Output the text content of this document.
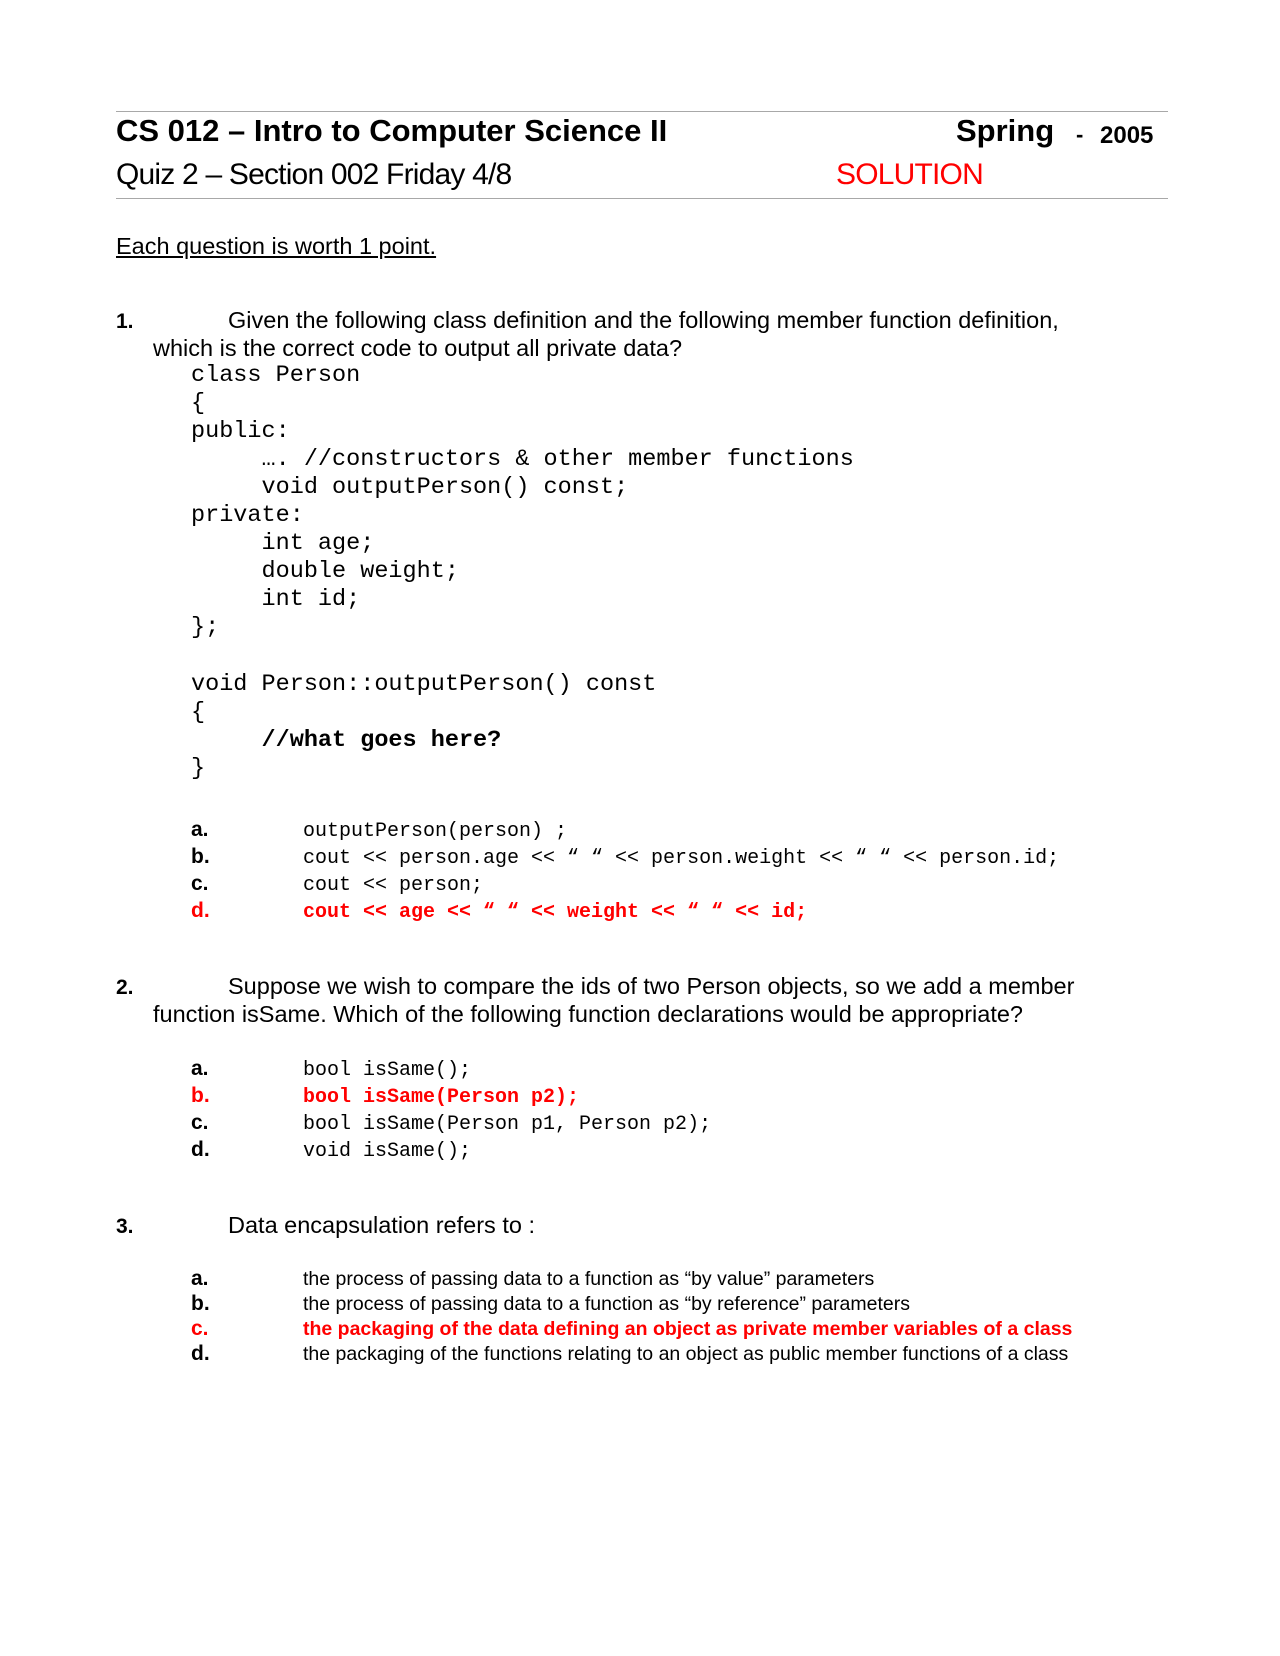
CS 012 – Intro to Computer Science II	Spring - 2005
Quiz 2 – Section 002 Friday 4/8	SOLUTION
Each question is worth 1 point.
1.	Given the following class definition and the following member function definition,
which is the correct code to output all private data?
class Person
{
public:
…. //constructors & other member functions
void outputPerson() const;
private:
int age;
double weight;
int id;
};
void Person::outputPerson() const
{
//what goes here?
}
a.	outputPerson(person) ;
b.	cout << person.age << “ “ << person.weight << “ “ << person.id;
c.	cout << person;
d.	cout << age << “ “ << weight << “ “ << id;
2.	Suppose we wish to compare the ids of two Person objects, so we add a member
function isSame. Which of the following function declarations would be appropriate?
a.	bool isSame();
b.	bool isSame(Person p2);
c.	bool isSame(Person p1, Person p2);
d.	void isSame();
3.	Data encapsulation refers to :
a.	the process of passing data to a function as “by value” parameters
b.	the process of passing data to a function as “by reference” parameters
c.	the packaging of the data defining an object as private member variables of a class
d.	the packaging of the functions relating to an object as public member functions of a class
